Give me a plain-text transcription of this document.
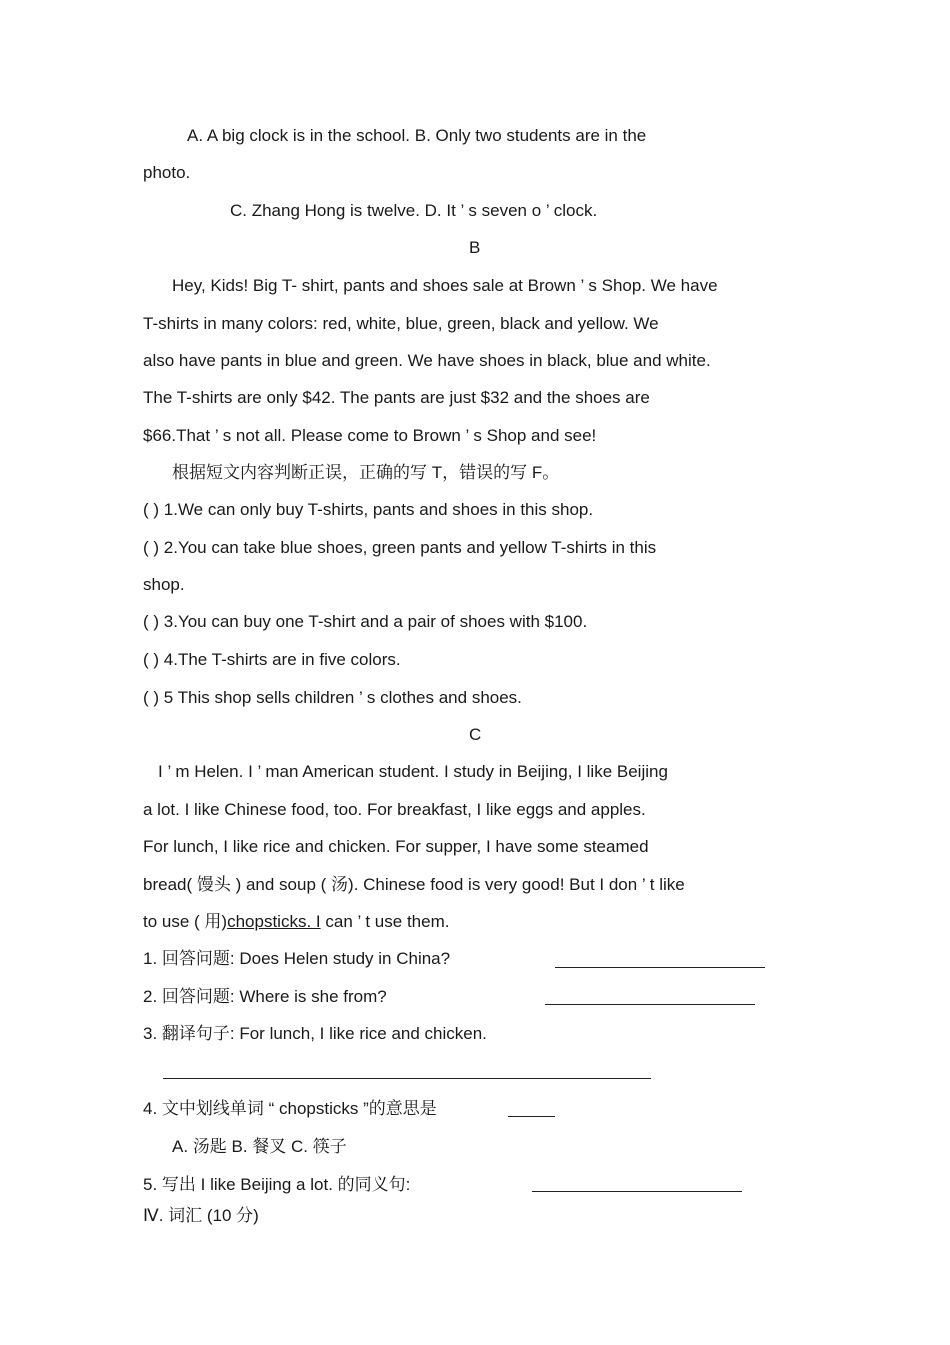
A. A big clock is in the school. B. Only two students are in the
photo.
C. Zhang Hong is twelve. D. It ’ s seven o ’ clock.
B
Hey, Kids! Big T- shirt, pants and shoes sale at Brown ’ s Shop. We have
T-shirts in many colors: red, white, blue, green, black and yellow. We
also have pants in blue and green. We have shoes in black, blue and white.
The T-shirts are only $42. The pants are just $32 and the shoes are
$66.That ’ s not all. Please come to Brown ’ s Shop and see!
根据短文内容判断正误，正确的写 T，错误的写 F。
( ) 1.We can only buy T-shirts, pants and shoes in this shop.
( ) 2.You can take blue shoes, green pants and yellow T-shirts in this
shop.
( ) 3.You can buy one T-shirt and a pair of shoes with $100.
( ) 4.The T-shirts are in five colors.
( ) 5 This shop sells children ’ s clothes and shoes.
C
I ’ m Helen. I ’ man American student. I study in Beijing, I like Beijing
a lot. I like Chinese food, too. For breakfast, I like eggs and apples.
For lunch, I like rice and chicken. For supper, I have some steamed
bread( 馒头 ) and soup ( 汤). Chinese food is very good! But I don ’ t like
to use ( 用)chopsticks. I can ’ t use them.
1. 回答问题: Does Helen study in China?
2. 回答问题: Where is she from?
3. 翻译句子: For lunch, I like rice and chicken.
4. 文中划线单词 “ chopsticks ”的意思是
A. 汤匙 B. 餐叉 C. 筷子
5. 写出 I like Beijing a lot. 的同义句:
Ⅳ. 词汇 (10 分)
